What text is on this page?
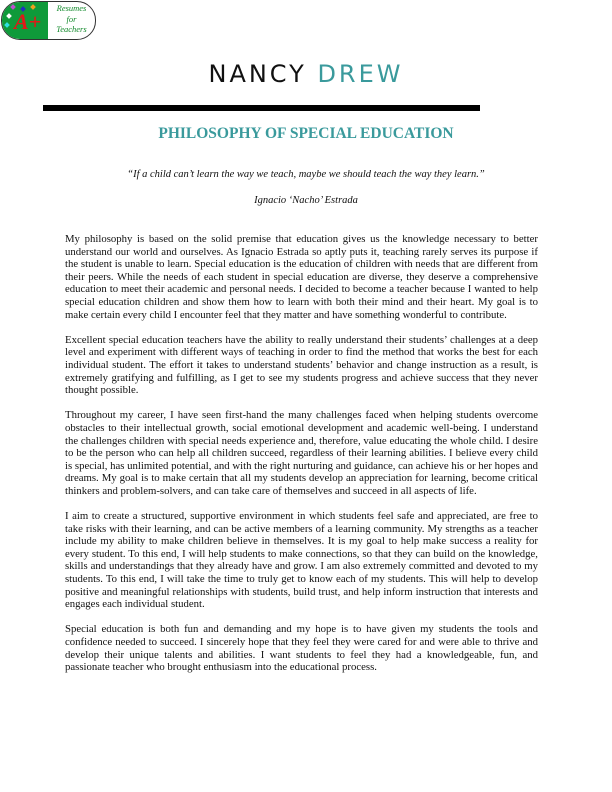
A+
Resumes
for
Teachers
NANCY DREW
PHILOSOPHY OF SPECIAL EDUCATION
“If a child can’t learn the way we teach, maybe we should teach the way they learn.”
Ignacio ‘Nacho’ Estrada

My philosophy is based on the solid premise that education gives us the knowledge necessary to better understand our world and ourselves. As Ignacio Estrada so aptly puts it, teaching rarely serves its purpose if the student is unable to learn. Special education is the education of children with needs that are different from their peers. While the needs of each student in special education are diverse, they deserve a comprehensive education to meet their academic and personal needs. I decided to become a teacher because I wanted to help special education children and show them how to learn with both their mind and their heart. My goal is to make certain every child I encounter feel that they matter and have something wonderful to contribute.

Excellent special education teachers have the ability to really understand their students’ challenges at a deep level and experiment with different ways of teaching in order to find the method that works the best for each individual student. The effort it takes to understand students’ behavior and change instruction as a result, is extremely gratifying and fulfilling, as I get to see my students progress and achieve success that they never thought possible.

Throughout my career, I have seen first-hand the many challenges faced when helping students overcome obstacles to their intellectual growth, social emotional development and academic well-being. I understand the challenges children with special needs experience and, therefore, value educating the whole child. I desire to be the person who can help all children succeed, regardless of their learning abilities. I believe every child is special, has unlimited potential, and with the right nurturing and guidance, can achieve his or her hopes and dreams. My goal is to make certain that all my students develop an appreciation for learning, become critical thinkers and problem-solvers, and can take care of themselves and succeed in all aspects of life.

I aim to create a structured, supportive environment in which students feel safe and appreciated, are free to take risks with their learning, and can be active members of a learning community. My strengths as a teacher include my ability to make children believe in themselves. It is my goal to help make success a reality for every student. To this end, I will help students to make connections, so that they can build on the knowledge, skills and understandings that they already have and grow. I am also extremely committed and devoted to my students. To this end, I will take the time to truly get to know each of my students. This will help to develop positive and meaningful relationships with students, build trust, and help inform instruction that interests and engages each individual student.

Special education is both fun and demanding and my hope is to have given my students the tools and confidence needed to succeed. I sincerely hope that they feel they were cared for and were able to thrive and develop their unique talents and abilities. I want students to feel they had a knowledgeable, fun, and passionate teacher who brought enthusiasm into the educational process.
